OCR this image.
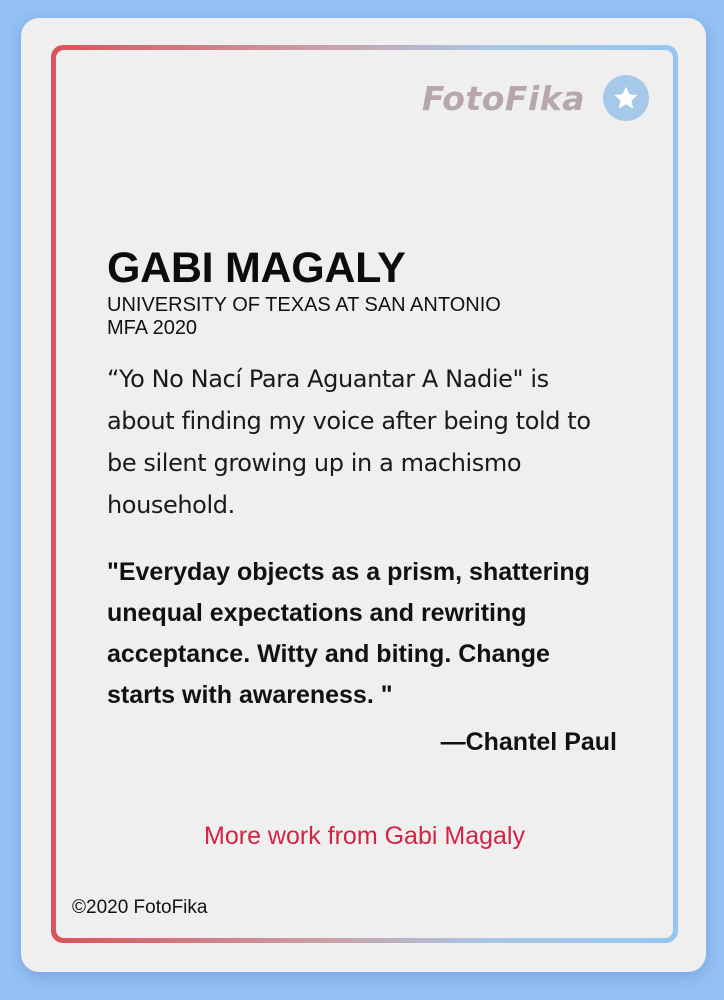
FotoFika
GABI MAGALY
UNIVERSITY OF TEXAS AT SAN ANTONIO
MFA 2020
“Yo No Nací Para Aguantar A Nadie" is about finding my voice after being told to be silent growing up in a machismo household.
"Everyday objects as a prism, shattering unequal expectations and rewriting acceptance. Witty and biting. Change starts with awareness. "
—Chantel Paul
More work from Gabi Magaly
©2020 FotoFika
